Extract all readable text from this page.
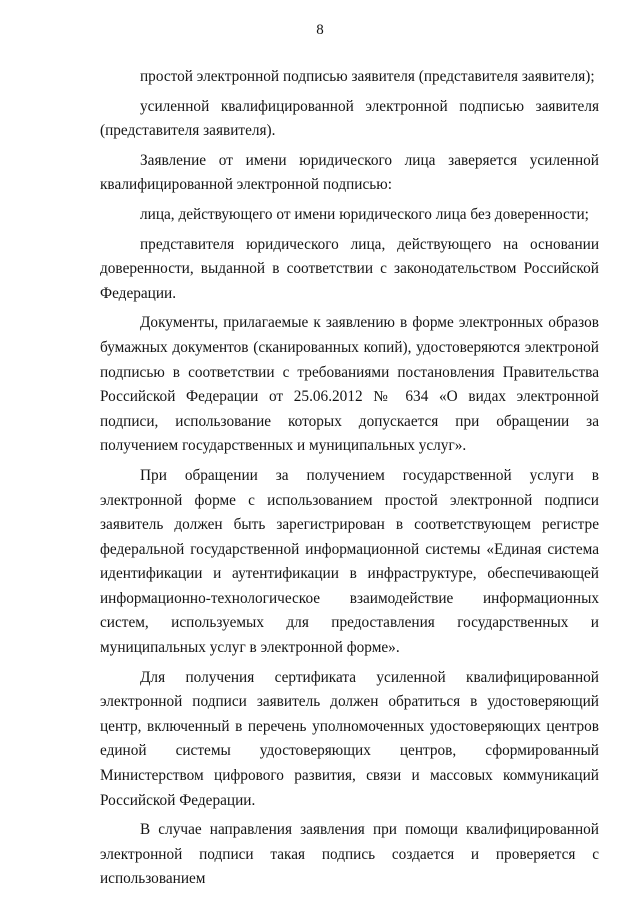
8

простой электронной подписью заявителя (представителя заявителя);

усиленной квалифицированной электронной подписью заявителя (представителя заявителя).

Заявление от имени юридического лица заверяется усиленной квалифицированной электронной подписью:

лица, действующего от имени юридического лица без доверенности;

представителя юридического лица, действующего на основании доверенности, выданной в соответствии с законодательством Российской Федерации.

Документы, прилагаемые к заявлению в форме электронных образов бумажных документов (сканированных копий), удостоверяются электроной подписью в соответствии с требованиями постановления Правительства Российской Федерации от 25.06.2012 № 634 «О видах электронной подписи, использование которых допускается при обращении за получением государственных и муниципальных услуг».

При обращении за получением государственной услуги в электронной форме с использованием простой электронной подписи заявитель должен быть зарегистрирован в соответствующем регистре федеральной государственной информационной системы «Единая система идентификации и аутентификации в инфраструктуре, обеспечивающей информационно-технологическое взаимодействие информационных систем, используемых для предоставления государственных и муниципальных услуг в электронной форме».

Для получения сертификата усиленной квалифицированной электронной подписи заявитель должен обратиться в удостоверяющий центр, включенный в перечень уполномоченных удостоверяющих центров единой системы удостоверяющих центров, сформированный Министерством цифрового развития, связи и массовых коммуникаций Российской Федерации.

В случае направления заявления при помощи квалифицированной электронной подписи такая подпись создается и проверяется с использованием
